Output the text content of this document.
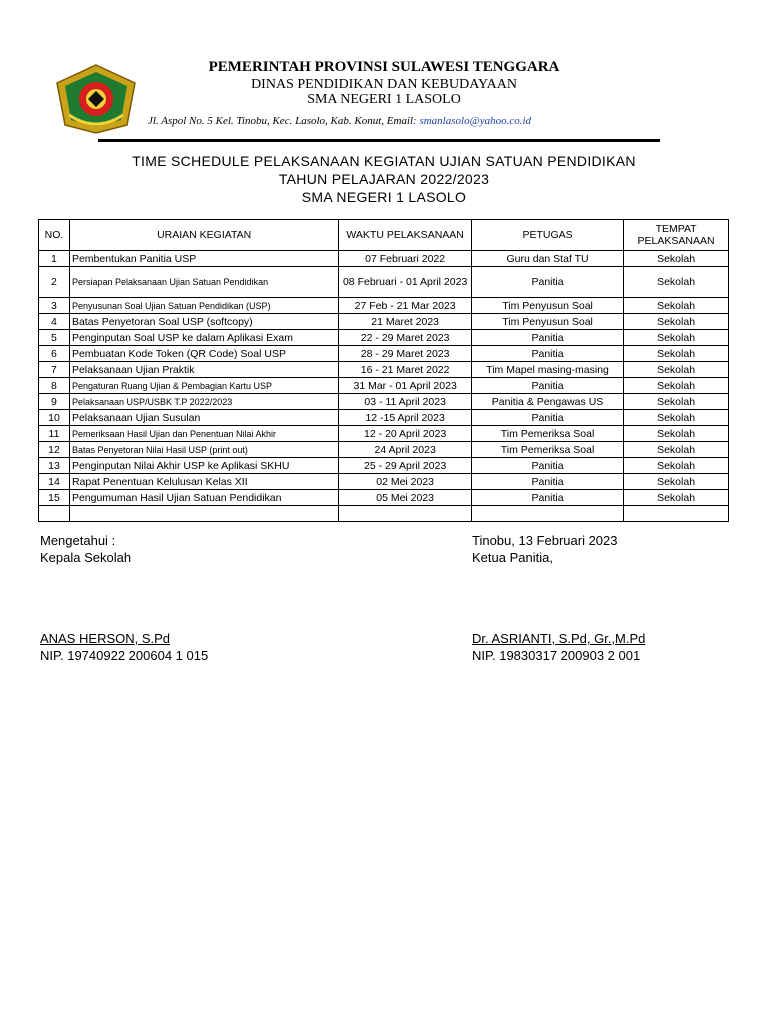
PEMERINTAH PROVINSI SULAWESI TENGGARA
DINAS PENDIDIKAN DAN KEBUDAYAAN
SMA NEGERI 1 LASOLO
Jl. Aspol No. 5 Kel. Tinobu, Kec. Lasolo, Kab. Konut, Email: smanlasolo@yahoo.co.id
TIME SCHEDULE PELAKSANAAN KEGIATAN UJIAN SATUAN PENDIDIKAN
TAHUN PELAJARAN 2022/2023
SMA NEGERI 1 LASOLO
NO.	URAIAN KEGIATAN	WAKTU PELAKSANAAN	PETUGAS	TEMPAT PELAKSANAAN
1	Pembentukan Panitia USP	07 Februari 2022	Guru dan Staf TU	Sekolah
2	Persiapan Pelaksanaan Ujian Satuan Pendidikan	08 Februari - 01 April 2023	Panitia	Sekolah
3	Penyusunan Soal Ujian Satuan Pendidikan (USP)	27 Feb - 21 Mar 2023	Tim Penyusun Soal	Sekolah
4	Batas Penyetoran Soal USP (softcopy)	21 Maret 2023	Tim Penyusun Soal	Sekolah
5	Penginputan Soal USP ke dalam Aplikasi Exam	22 - 29 Maret 2023	Panitia	Sekolah
6	Pembuatan Kode Token (QR Code) Soal USP	28 - 29 Maret 2023	Panitia	Sekolah
7	Pelaksanaan Ujian Praktik	16 - 21 Maret 2022	Tim Mapel masing-masing	Sekolah
8	Pengaturan Ruang Ujian & Pembagian Kartu USP	31 Mar - 01 April 2023	Panitia	Sekolah
9	Pelaksanaan USP/USBK T.P 2022/2023	03 - 11 April 2023	Panitia & Pengawas US	Sekolah
10	Pelaksanaan Ujian Susulan	12 -15 April 2023	Panitia	Sekolah
11	Pemeriksaan Hasil Ujian dan Penentuan Nilai Akhir	12 - 20 April 2023	Tim Pemeriksa Soal	Sekolah
12	Batas Penyetoran Nilai Hasil USP (print out)	24 April 2023	Tim Pemeriksa Soal	Sekolah
13	Penginputan Nilai Akhir USP ke Aplikasi SKHU	25 - 29 April 2023	Panitia	Sekolah
14	Rapat Penentuan Kelulusan Kelas XII	02 Mei 2023	Panitia	Sekolah
15	Pengumuman Hasil Ujian Satuan Pendidikan	05 Mei 2023	Panitia	Sekolah

Mengetahui :
Kepala Sekolah
ANAS HERSON, S.Pd
NIP. 19740922 200604 1 015
Tinobu, 13 Februari 2023
Ketua Panitia,
Dr. ASRIANTI, S.Pd, Gr.,M.Pd
NIP. 19830317 200903 2 001
